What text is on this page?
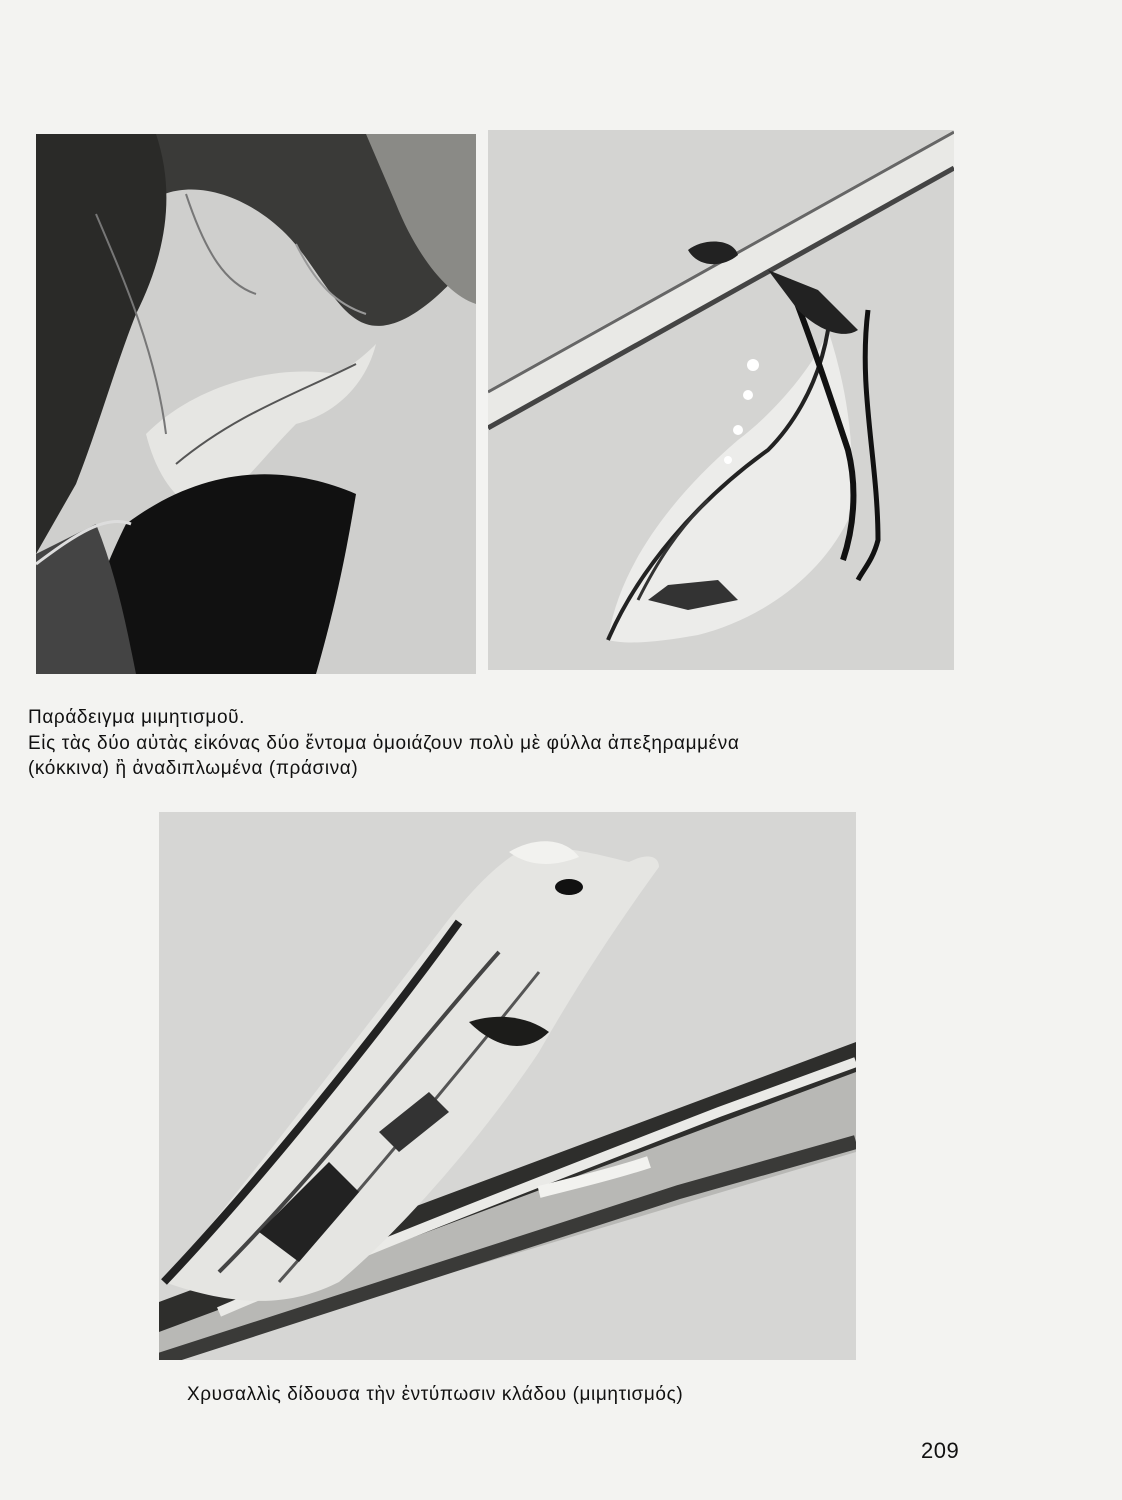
Παράδειγμα μιμητισμοῦ.

Εἰς τὰς δύο αὐτὰς εἰκόνας δύο ἔντομα ὁμοιάζουν πολὺ μὲ φύλλα ἀπεξηραμμένα

(κόκκινα) ἢ ἀναδιπλωμένα (πράσινα)

Χρυσαλλὶς δίδουσα τὴν ἐντύπωσιν κλάδου (μιμητισμός)

209
